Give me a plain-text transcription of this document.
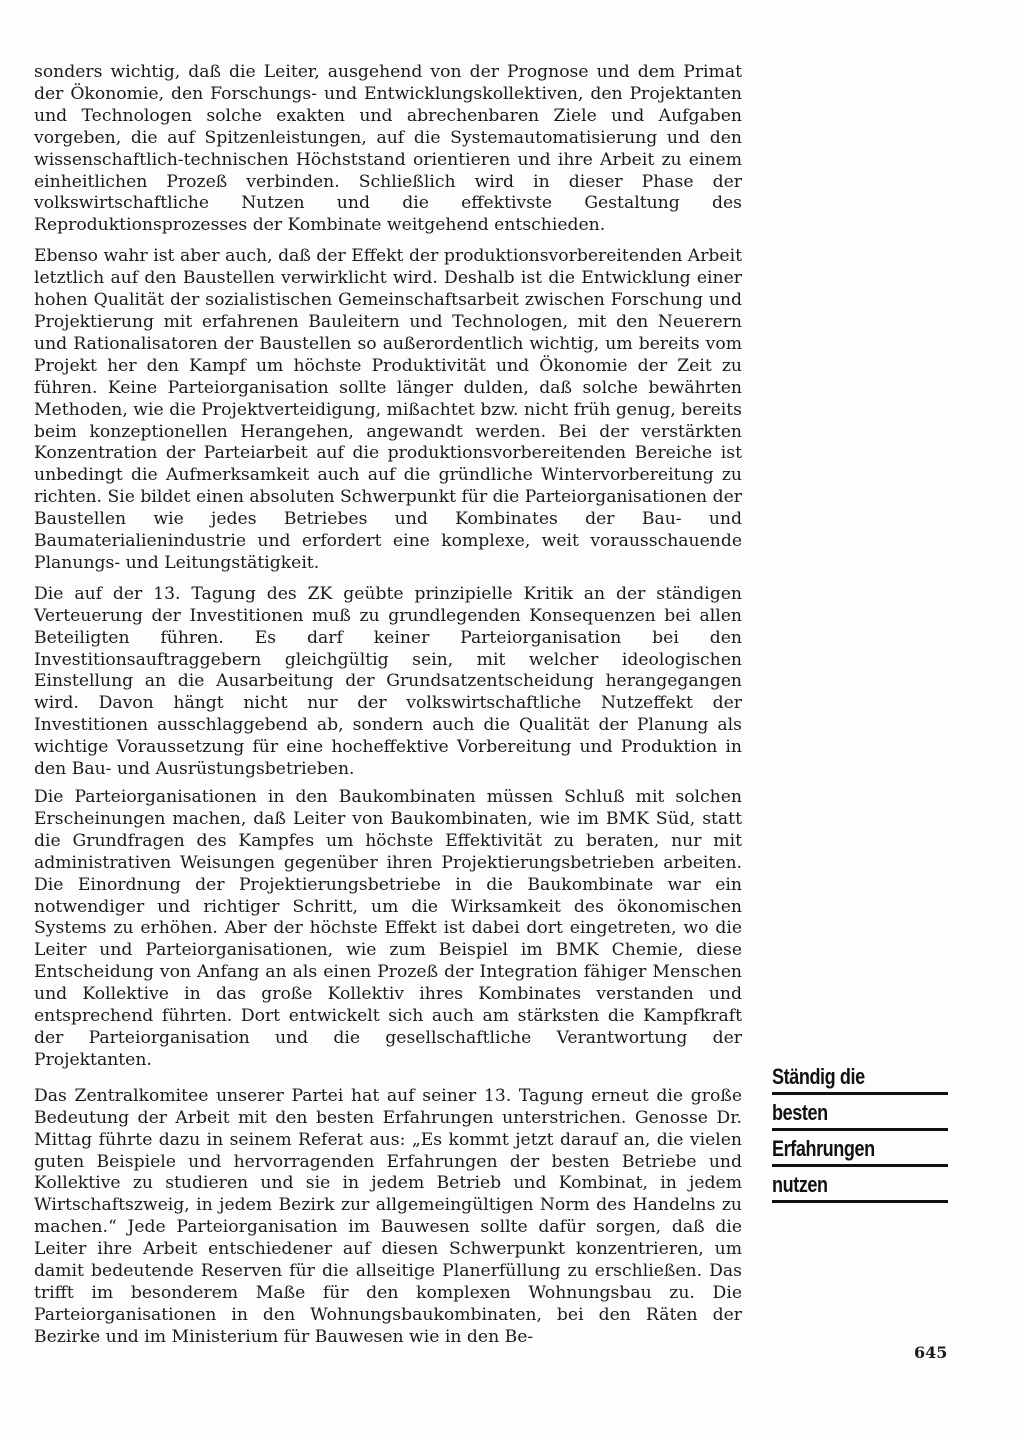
sonders wichtig, daß die Leiter, ausgehend von der Prognose und dem Primat der Ökonomie, den Forschungs- und Entwicklungskollektiven, den Projektanten und Technologen solche exakten und abrechenbaren Ziele und Aufgaben vorgeben, die auf Spitzenleistungen, auf die Systemautomatisierung und den wissenschaftlich-technischen Höchststand orientieren und ihre Arbeit zu einem einheitlichen Prozeß verbinden. Schließlich wird in dieser Phase der volkswirtschaftliche Nutzen und die effektivste Gestaltung des Reproduktionsprozesses der Kombinate weitgehend entschieden.

Ebenso wahr ist aber auch, daß der Effekt der produktionsvorbereitenden Arbeit letztlich auf den Baustellen verwirklicht wird. Deshalb ist die Entwicklung einer hohen Qualität der sozialistischen Gemeinschaftsarbeit zwischen Forschung und Projektierung mit erfahrenen Bauleitern und Technologen, mit den Neuerern und Rationalisatoren der Baustellen so außerordentlich wichtig, um bereits vom Projekt her den Kampf um höchste Produktivität und Ökonomie der Zeit zu führen. Keine Parteiorganisation sollte länger dulden, daß solche bewährten Methoden, wie die Projektverteidigung, mißachtet bzw. nicht früh genug, bereits beim konzeptionellen Herangehen, angewandt werden. Bei der verstärkten Konzentration der Parteiarbeit auf die produktionsvorbereitenden Bereiche ist unbedingt die Aufmerksamkeit auch auf die gründliche Wintervorbereitung zu richten. Sie bildet einen absoluten Schwerpunkt für die Parteiorganisationen der Baustellen wie jedes Betriebes und Kombinates der Bau- und Baumaterialienindustrie und erfordert eine komplexe, weit vorausschauende Planungs- und Leitungstätigkeit.

Die auf der 13. Tagung des ZK geübte prinzipielle Kritik an der ständigen Verteuerung der Investitionen muß zu grundlegenden Konsequenzen bei allen Beteiligten führen. Es darf keiner Parteiorganisation bei den Investitionsauftraggebern gleichgültig sein, mit welcher ideologischen Einstellung an die Ausarbeitung der Grundsatzentscheidung herangegangen wird. Davon hängt nicht nur der volkswirtschaftliche Nutzeffekt der Investitionen ausschlaggebend ab, sondern auch die Qualität der Planung als wichtige Voraussetzung für eine hocheffektive Vorbereitung und Produktion in den Bau- und Ausrüstungsbetrieben.

Die Parteiorganisationen in den Baukombinaten müssen Schluß mit solchen Erscheinungen machen, daß Leiter von Baukombinaten, wie im BMK Süd, statt die Grundfragen des Kampfes um höchste Effektivität zu beraten, nur mit administrativen Weisungen gegenüber ihren Projektierungsbetrieben arbeiten. Die Einordnung der Projektierungsbetriebe in die Baukombinate war ein notwendiger und richtiger Schritt, um die Wirksamkeit des ökonomischen Systems zu erhöhen. Aber der höchste Effekt ist dabei dort eingetreten, wo die Leiter und Parteiorganisationen, wie zum Beispiel im BMK Chemie, diese Entscheidung von Anfang an als einen Prozeß der Integration fähiger Menschen und Kollektive in das große Kollektiv ihres Kombinates verstanden und entsprechend führten. Dort entwickelt sich auch am stärksten die Kampfkraft der Parteiorganisation und die gesellschaftliche Verantwortung der Projektanten.

Das Zentralkomitee unserer Partei hat auf seiner 13. Tagung erneut die große Bedeutung der Arbeit mit den besten Erfahrungen unterstrichen. Genosse Dr. Mittag führte dazu in seinem Referat aus: „Es kommt jetzt darauf an, die vielen guten Beispiele und hervorragenden Erfahrungen der besten Betriebe und Kollektive zu studieren und sie in jedem Betrieb und Kombinat, in jedem Wirtschaftszweig, in jedem Bezirk zur allgemeingültigen Norm des Handelns zu machen.“ Jede Parteiorganisation im Bauwesen sollte dafür sorgen, daß die Leiter ihre Arbeit entschiedener auf diesen Schwerpunkt konzentrieren, um damit bedeutende Reserven für die allseitige Planerfüllung zu erschließen. Das trifft im besonderem Maße für den komplexen Wohnungsbau zu. Die Parteiorganisationen in den Wohnungsbaukombinaten, bei den Räten der Bezirke und im Ministerium für Bauwesen wie in den Be-

Ständig die
besten
Erfahrungen
nutzen
645
